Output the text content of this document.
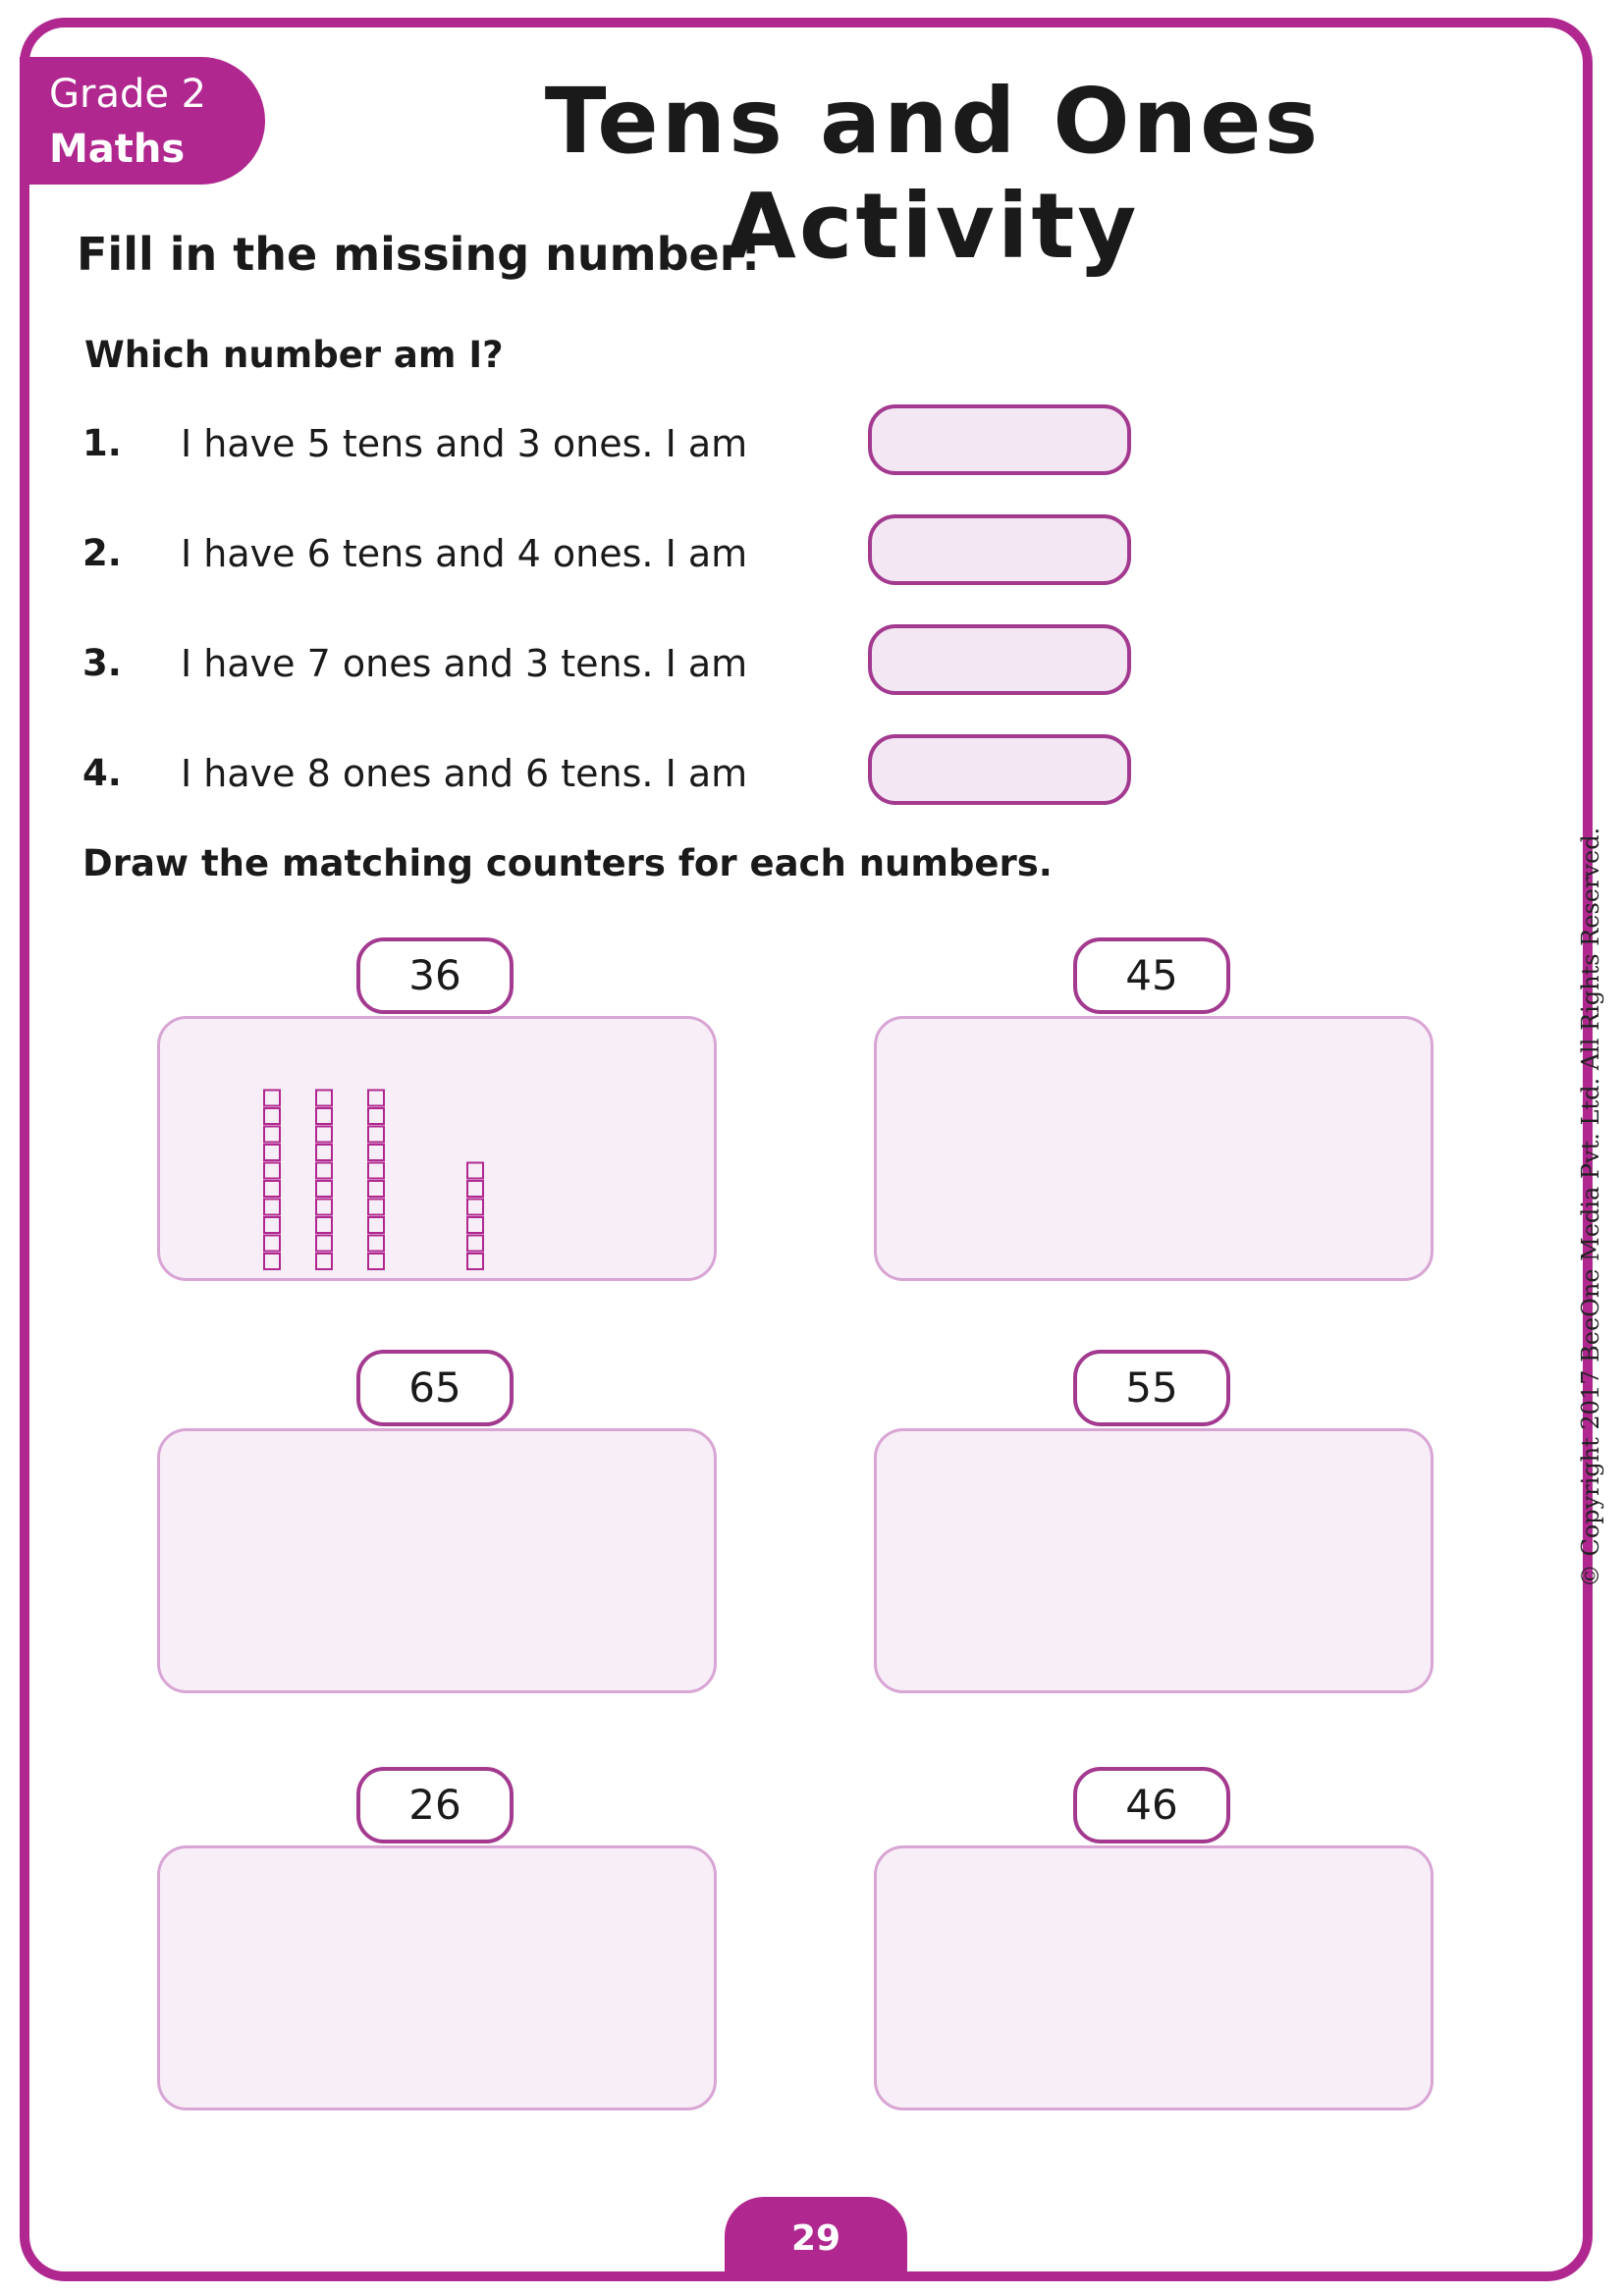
Grade 2
Maths	Tens and Ones Activity
Fill in the missing number:
Which number am I?
1. I have 5 tens and 3 ones. I am
2. I have 6 tens and 4 ones. I am
3. I have 7 ones and 3 tens. I am
4. I have 8 ones and 6 tens. I am
Draw the matching counters for each numbers.
36	45
65	55
26	46
© Copyright 2017 BeeOne Media Pvt. Ltd. All Rights Reserved.
29
